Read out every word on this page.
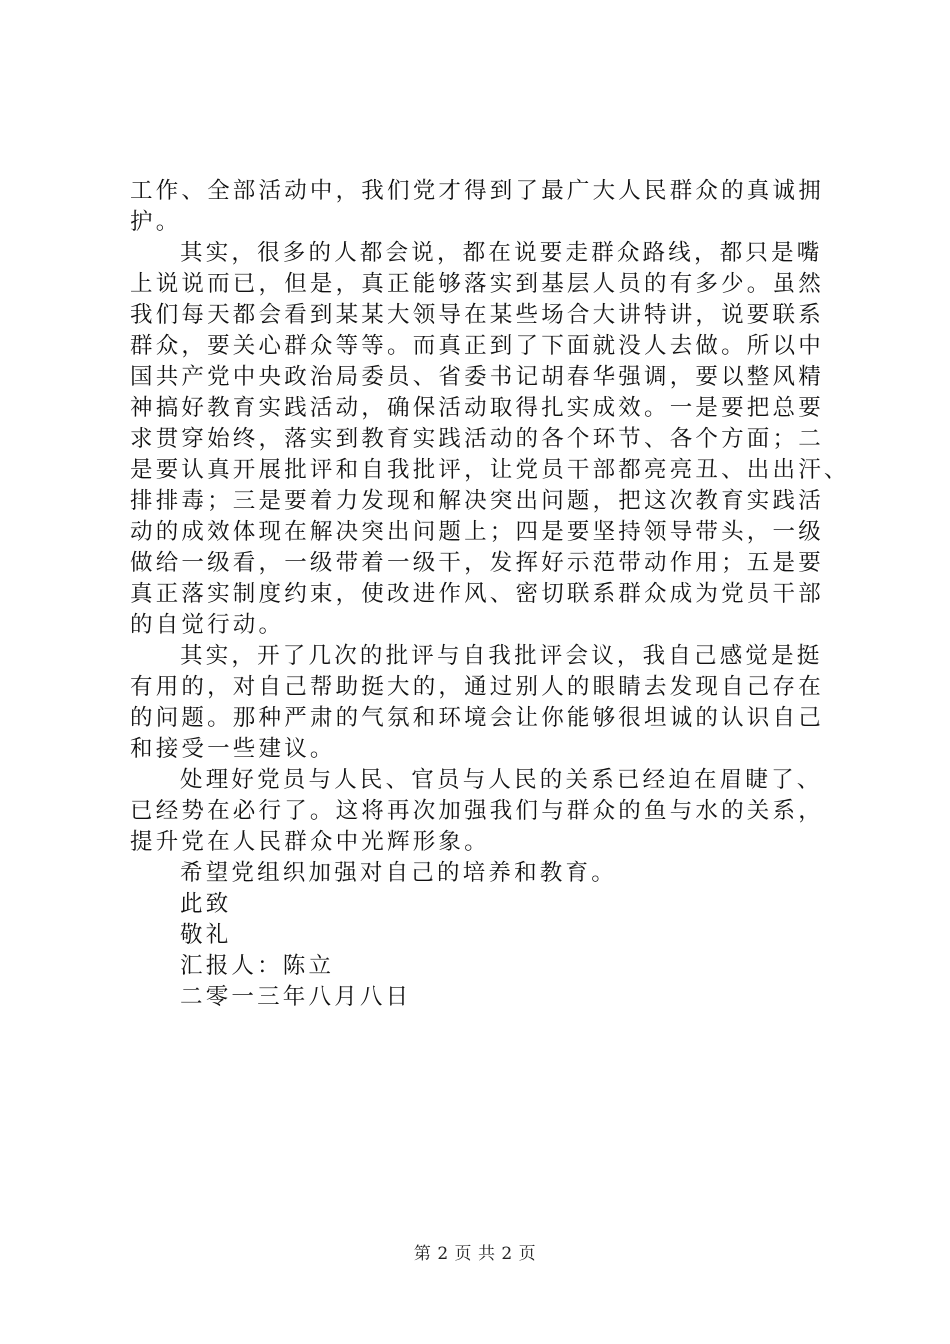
工作、全部活动中，我们党才得到了最广大人民群众的真诚拥
护。
其实，很多的人都会说，都在说要走群众路线，都只是嘴
上说说而已，但是，真正能够落实到基层人员的有多少。虽然
我们每天都会看到某某大领导在某些场合大讲特讲，说要联系
群众，要关心群众等等。而真正到了下面就没人去做。所以中
国共产党中央政治局委员、省委书记胡春华强调，要以整风精
神搞好教育实践活动，确保活动取得扎实成效。一是要把总要
求贯穿始终，落实到教育实践活动的各个环节、各个方面；二
是要认真开展批评和自我批评，让党员干部都亮亮丑、出出汗、
排排毒；三是要着力发现和解决突出问题，把这次教育实践活
动的成效体现在解决突出问题上；四是要坚持领导带头，一级
做给一级看，一级带着一级干，发挥好示范带动作用；五是要
真正落实制度约束，使改进作风、密切联系群众成为党员干部
的自觉行动。
其实，开了几次的批评与自我批评会议，我自己感觉是挺
有用的，对自己帮助挺大的，通过别人的眼睛去发现自己存在
的问题。那种严肃的气氛和环境会让你能够很坦诚的认识自己
和接受一些建议。
处理好党员与人民、官员与人民的关系已经迫在眉睫了、
已经势在必行了。这将再次加强我们与群众的鱼与水的关系，
提升党在人民群众中光辉形象。
希望党组织加强对自己的培养和教育。
此致
敬礼
汇报人：陈立
二零一三年八月八日
第 2 页 共 2 页
